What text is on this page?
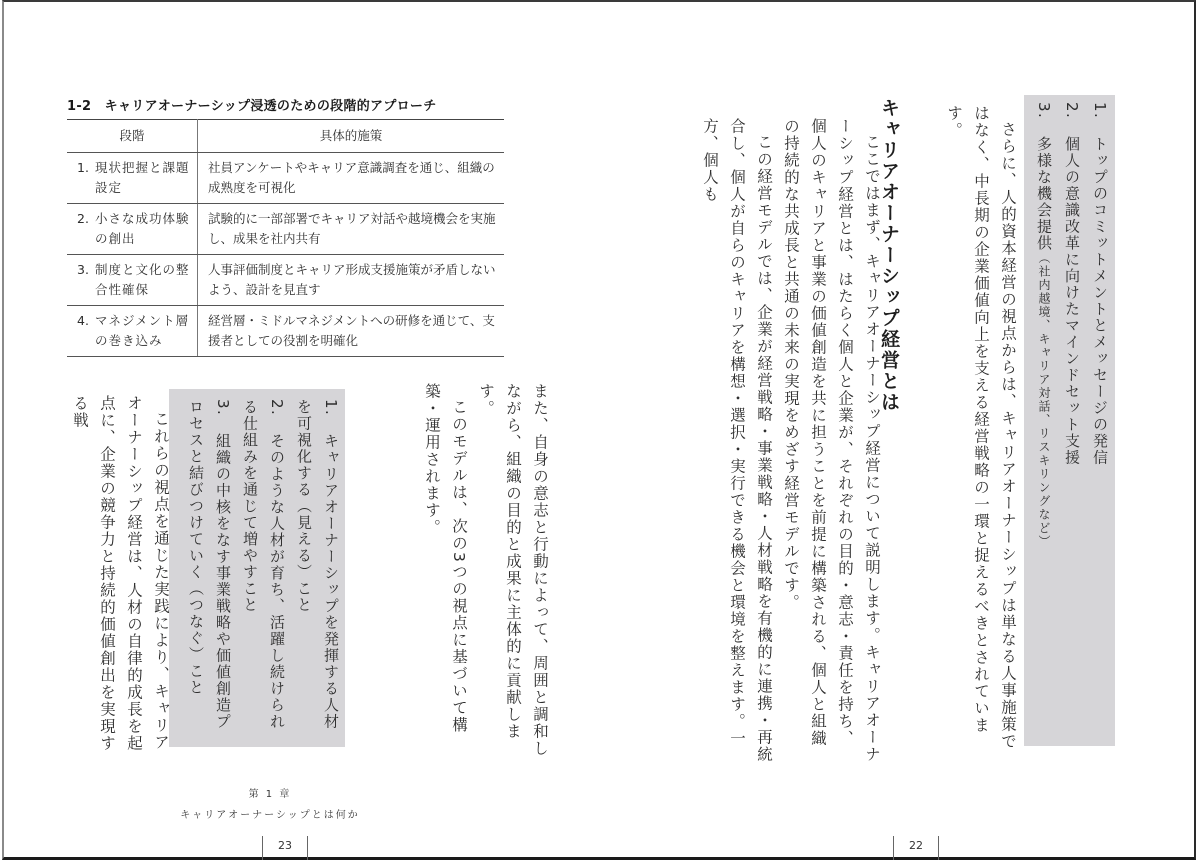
1-2　キャリアオーナーシップ浸透のための段階的アプローチ
段階	具体的施策

1. 現状把握と課題設定	社員アンケートやキャリア意識調査を通じ、組織の成熟度を可視化

2. 小さな成功体験の創出	試験的に一部部署でキャリア対話や越境機会を実施し、成果を社内共有

3. 制度と文化の整合性確保	人事評価制度とキャリア形成支援施策が矛盾しないよう、設計を見直す

4. マネジメント層の巻き込み	経営層・ミドルマネジメントへの研修を通じて、支援者としての役割を明確化

また、自身の意志と行動によって、周囲と調和しながら、組織の目的と成果に主体的に貢献します。

このモデルは、次の3つの視点に基づいて構築・運用されます。

1.　キャリアオーナーシップを発揮する人材を可視化する（見える）こと

2.　そのような人材が育ち、活躍し続けられる仕組みを通じて増やすこと

3.　組織の中核をなす事業戦略や価値創造プロセスと結びつけていく（つなぐ）こと

これらの視点を通じた実践により、キャリアオーナーシップ経営は、人材の自律的成長を起点に、企業の競争力と持続的価値創出を実現する戦

第 1 章
キャリアオーナーシップとは何か
23

1.　トップのコミットメントとメッセージの発信

2.　個人の意識改革に向けたマインドセット支援

3.　多様な機会提供（社内越境、キャリア対話、リスキリングなど）

さらに、人的資本経営の視点からは、キャリアオーナーシップは単なる人事施策ではなく、中長期の企業価値向上を支える経営戦略の一環と捉えるべきとされています。

キャリアオーナーシップ経営とは

ここではまず、キャリアオーナーシップ経営について説明します。キャリアオーナーシップ経営とは、はたらく個人と企業が、それぞれの目的・意志・責任を持ち、個人のキャリアと事業の価値創造を共に担うことを前提に構築される、個人と組織の持続的な共成長と共通の未来の実現をめざす経営モデルです。

この経営モデルでは、企業が経営戦略・事業戦略・人材戦略を有機的に連携・再統合し、個人が自らのキャリアを構想・選択・実行できる機会と環境を整えます。一方、個人も

22
